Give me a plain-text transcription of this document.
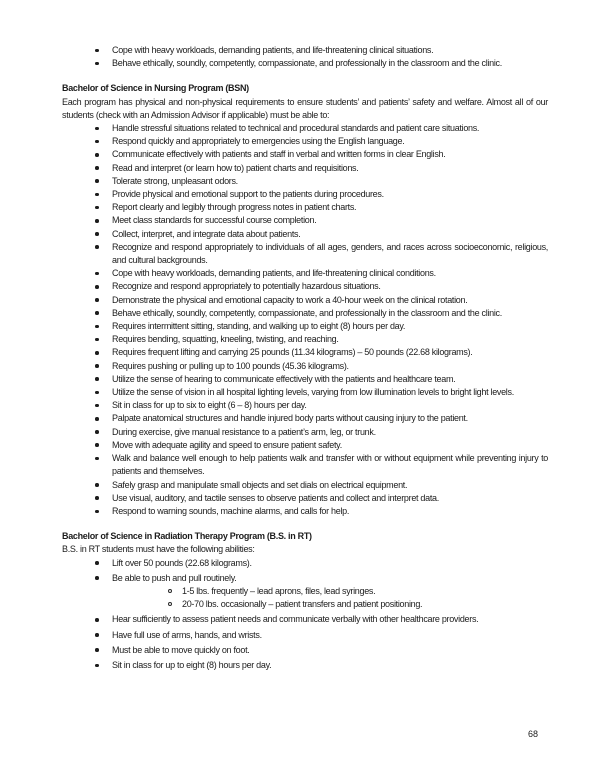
Cope with heavy workloads, demanding patients, and life-threatening clinical situations.
Behave ethically, soundly, competently, compassionate, and professionally in the classroom and the clinic.
Bachelor of Science in Nursing Program (BSN)
Each program has physical and non-physical requirements to ensure students’ and patients’ safety and welfare. Almost all of our students (check with an Admission Advisor if applicable) must be able to:
Handle stressful situations related to technical and procedural standards and patient care situations.
Respond quickly and appropriately to emergencies using the English language.
Communicate effectively with patients and staff in verbal and written forms in clear English.
Read and interpret (or learn how to) patient charts and requisitions.
Tolerate strong, unpleasant odors.
Provide physical and emotional support to the patients during procedures.
Report clearly and legibly through progress notes in patient charts.
Meet class standards for successful course completion.
Collect, interpret, and integrate data about patients.
Recognize and respond appropriately to individuals of all ages, genders, and races across socioeconomic, religious, and cultural backgrounds.
Cope with heavy workloads, demanding patients, and life-threatening clinical conditions.
Recognize and respond appropriately to potentially hazardous situations.
Demonstrate the physical and emotional capacity to work a 40-hour week on the clinical rotation.
Behave ethically, soundly, competently, compassionate, and professionally in the classroom and the clinic.
Requires intermittent sitting, standing, and walking up to eight (8) hours per day.
Requires bending, squatting, kneeling, twisting, and reaching.
Requires frequent lifting and carrying 25 pounds (11.34 kilograms) – 50 pounds (22.68 kilograms).
Requires pushing or pulling up to 100 pounds (45.36 kilograms).
Utilize the sense of hearing to communicate effectively with the patients and healthcare team.
Utilize the sense of vision in all hospital lighting levels, varying from low illumination levels to bright light levels.
Sit in class for up to six to eight (6 – 8) hours per day.
Palpate anatomical structures and handle injured body parts without causing injury to the patient.
During exercise, give manual resistance to a patient’s arm, leg, or trunk.
Move with adequate agility and speed to ensure patient safety.
Walk and balance well enough to help patients walk and transfer with or without equipment while preventing injury to patients and themselves.
Safely grasp and manipulate small objects and set dials on electrical equipment.
Use visual, auditory, and tactile senses to observe patients and collect and interpret data.
Respond to warning sounds, machine alarms, and calls for help.
Bachelor of Science in Radiation Therapy Program (B.S. in RT)
B.S. in RT students must have the following abilities:
Lift over 50 pounds (22.68 kilograms).
Be able to push and pull routinely.
1-5 lbs. frequently – lead aprons, files, lead syringes.
20-70 lbs. occasionally – patient transfers and patient positioning.
Hear sufficiently to assess patient needs and communicate verbally with other healthcare providers.
Have full use of arms, hands, and wrists.
Must be able to move quickly on foot.
Sit in class for up to eight (8) hours per day.
68
